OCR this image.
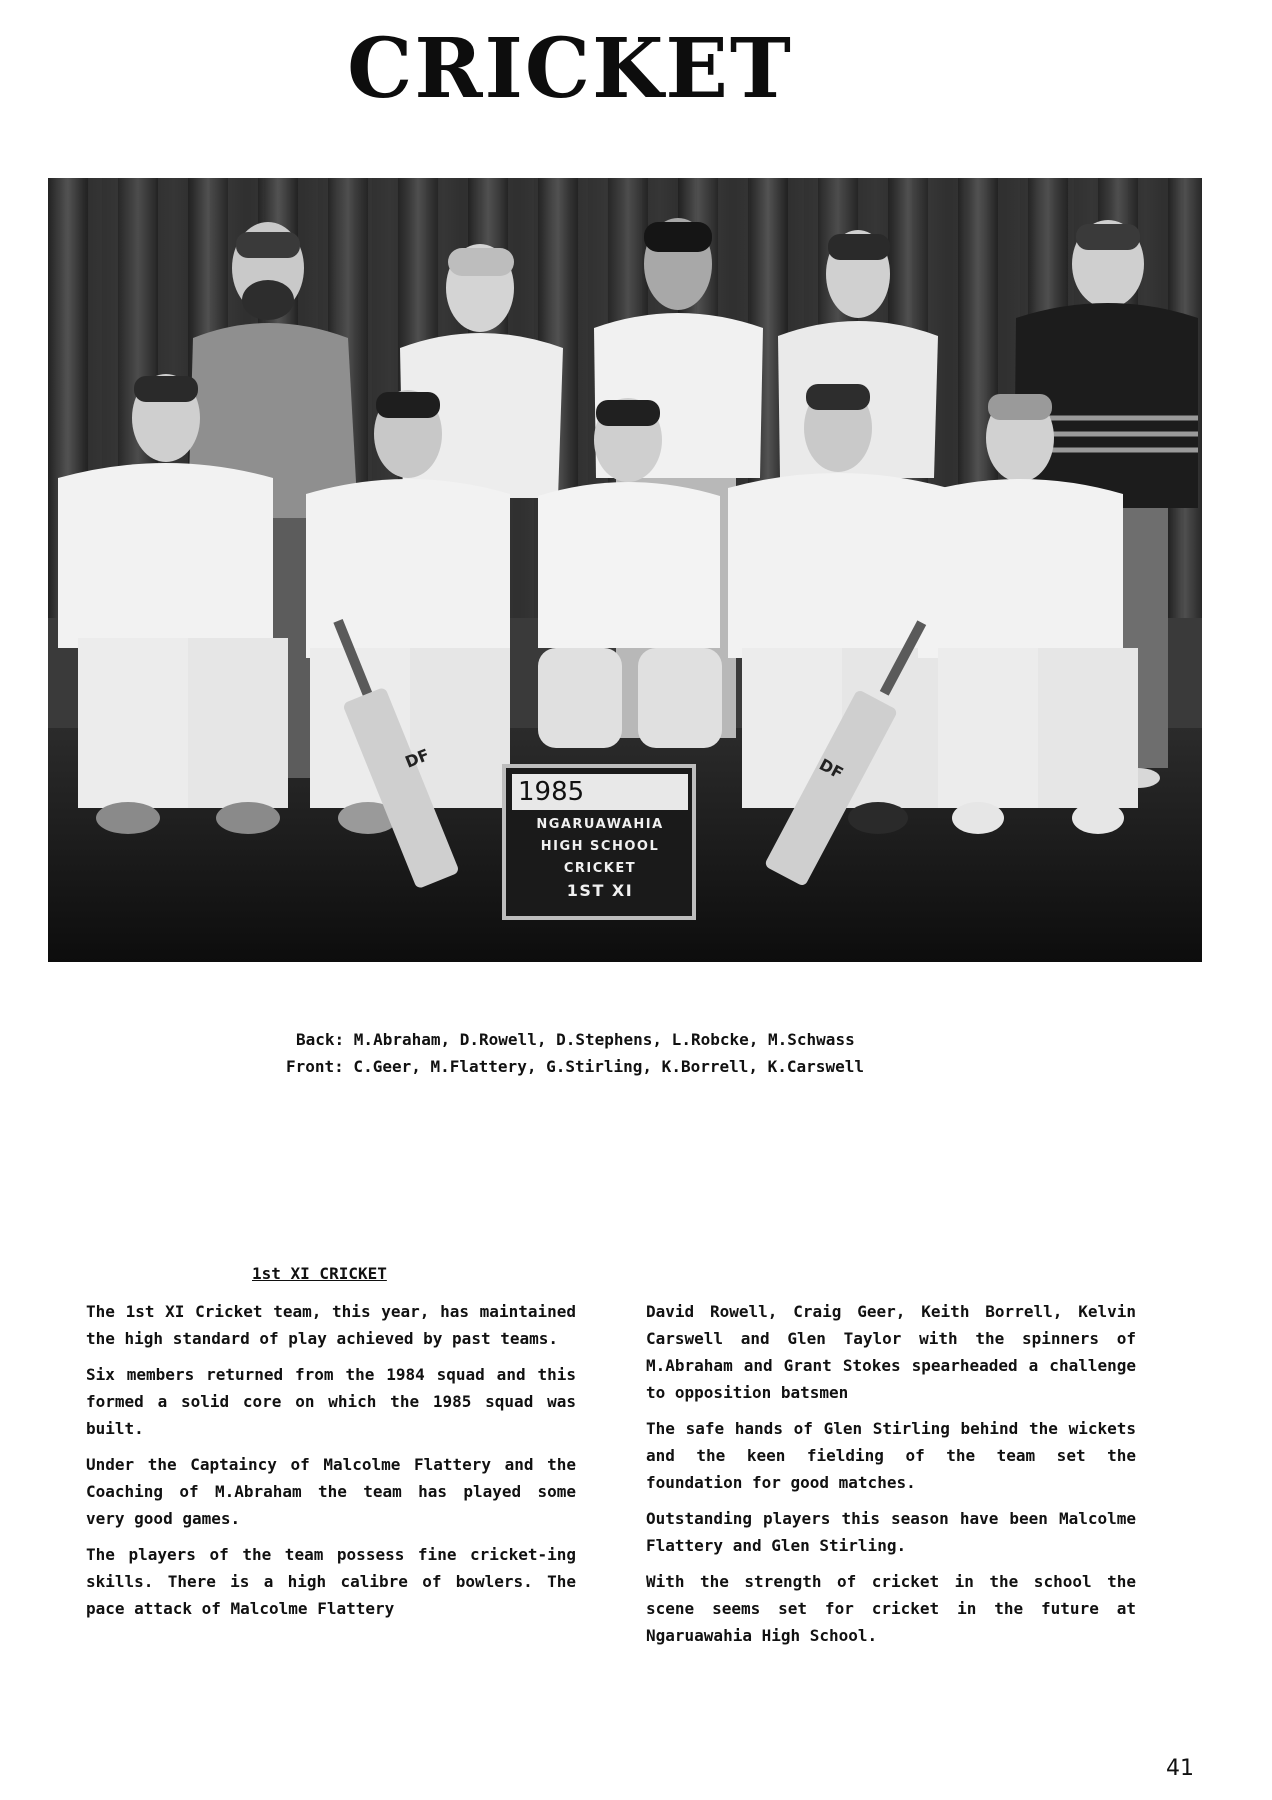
CRICKET
DF	DF
1985
NGARUAWAHIA
HIGH SCHOOL
CRICKET
1ST XI
Back: M.Abraham, D.Rowell, D.Stephens, L.Robcke, M.Schwass
Front: C.Geer, M.Flattery, G.Stirling, K.Borrell, K.Carswell
1st XI CRICKET

The 1st XI Cricket team, this year, has maintained the high standard of play achieved by past teams.

Six members returned from the 1984 squad and this formed a solid core on which the 1985 squad was built.

Under the Captaincy of Malcolme Flattery and the Coaching of M.Abraham the team has played some very good games.

The players of the team possess fine cricket-ing skills. There is a high calibre of bowlers. The pace attack of Malcolme Flattery

David Rowell, Craig Geer, Keith Borrell, Kelvin Carswell and Glen Taylor with the spinners of M.Abraham and Grant Stokes spearheaded a challenge to opposition batsmen

The safe hands of Glen Stirling behind the wickets and the keen fielding of the team set the foundation for good matches.

Outstanding players this season have been Malcolme Flattery and Glen Stirling.

With the strength of cricket in the school the scene seems set for cricket in the future at Ngaruawahia High School.

41
